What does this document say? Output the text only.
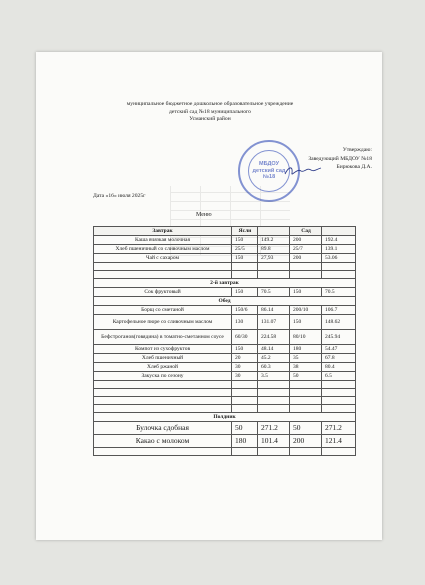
муниципальное бюджетное дошкольное образовательное учреждение
детский сад №18 муниципального
Усманский район
МБДОУ
детский сад
№18
Утверждаю:
Заведующий МБДОУ №18
Бирюкова Д.А.
Дата «16» июля 2025г
Меню
Завтрак	Ясли		Сад	
Каша вчязкая молочная	150	149.2	200	192.4
Хлеб пшеничный со сливочным маслом	25/5	89.8	25/7	139.1
Чай с сахаром	150	27,93	200	53.06

2-й завтрак				
Сок фруктовый	150	70.5	150	70.5
Обед				
Борщ со сметаной	150/6	86.14	200/10	106.7
Картофельное пюре со сливочным маслом	130	131.07	150	148.62
Бефстроганов(говядина) в томатно-сметанном соусе	60/30	224.58	80/10	245.94
Компот из сухофруктов	150	48.14	180	54.47
Хлеб пшеничный	20	45.2	35	67.8
Хлеб ржаной	30	60.3	38	80.4
Закуска по сезону	30	3.5	50	6.5

Полдник				
Булочка сдобная	50	271.2	50	271.2
Какао с молоком	180	101.4	200	121.4
